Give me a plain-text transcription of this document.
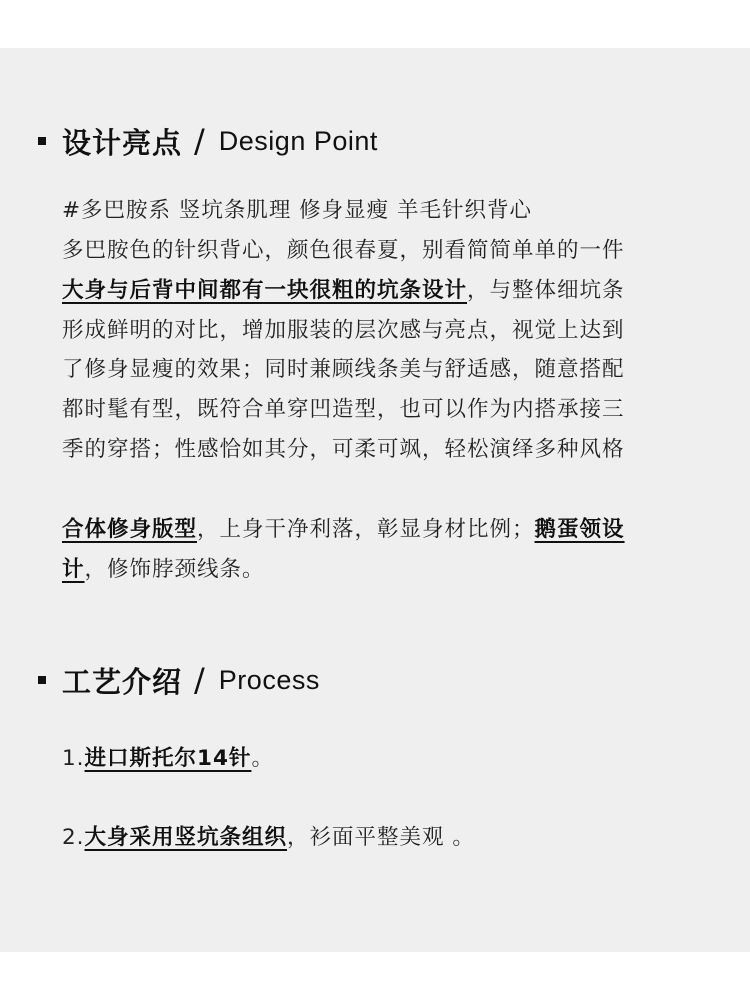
设计亮点 / Design Point
#多巴胺系 竖坑条肌理 修身显瘦 羊毛针织背心
多巴胺色的针织背心，颜色很春夏，别看简简单单的一件
大身与后背中间都有一块很粗的坑条设计，与整体细坑条
形成鲜明的对比，增加服装的层次感与亮点，视觉上达到
了修身显瘦的效果；同时兼顾线条美与舒适感，随意搭配
都时髦有型，既符合单穿凹造型，也可以作为内搭承接三
季的穿搭；性感恰如其分，可柔可飒，轻松演绎多种风格
合体修身版型，上身干净利落，彰显身材比例；鹅蛋领设
计，修饰脖颈线条。
工艺介绍 / Process
1.进口斯托尔14针。
2.大身采用竖坑条组织，衫面平整美观 。
